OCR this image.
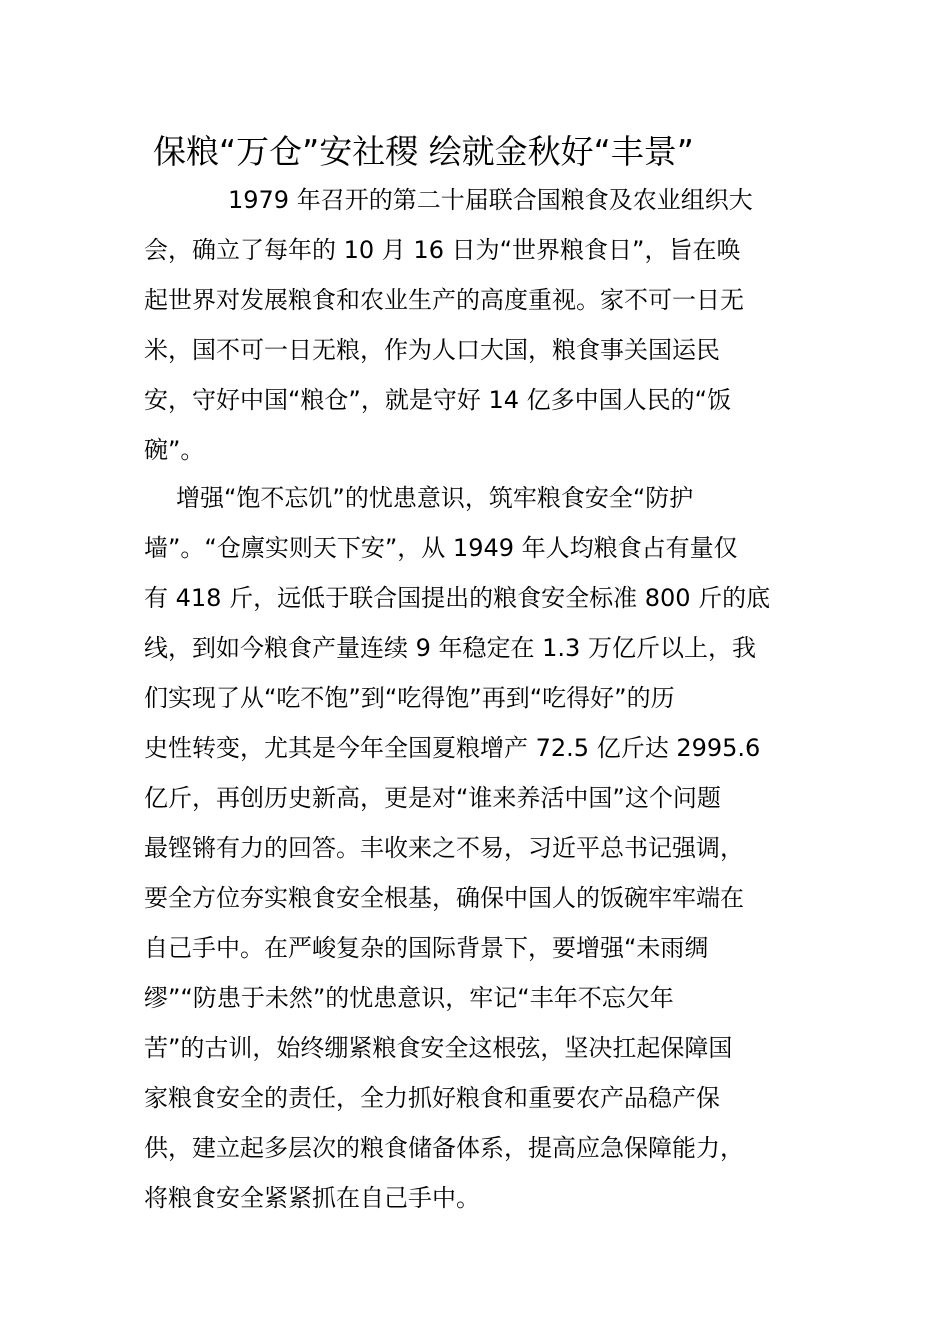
保粮“万仓”安社稷 绘就金秋好“丰景”
1979 年召开的第二十届联合国粮食及农业组织大
会，确立了每年的 10 月 16 日为“世界粮食日”，旨在唤
起世界对发展粮食和农业生产的高度重视。家不可一日无
米，国不可一日无粮，作为人口大国，粮食事关国运民
安，守好中国“粮仓”，就是守好 14 亿多中国人民的“饭
碗”。
增强“饱不忘饥”的忧患意识，筑牢粮食安全“防护
墙”。“仓廪实则天下安”，从 1949 年人均粮食占有量仅
有 418 斤，远低于联合国提出的粮食安全标准 800 斤的底
线，到如今粮食产量连续 9 年稳定在 1.3 万亿斤以上，我
们实现了从“吃不饱”到“吃得饱”再到“吃得好”的历
史性转变，尤其是今年全国夏粮增产 72.5 亿斤达 2995.6
亿斤，再创历史新高，更是对“谁来养活中国”这个问题
最铿锵有力的回答。丰收来之不易，习近平总书记强调，
要全方位夯实粮食安全根基，确保中国人的饭碗牢牢端在
自己手中。在严峻复杂的国际背景下，要增强“未雨绸
缪”“防患于未然”的忧患意识，牢记“丰年不忘欠年
苦”的古训，始终绷紧粮食安全这根弦，坚决扛起保障国
家粮食安全的责任，全力抓好粮食和重要农产品稳产保
供，建立起多层次的粮食储备体系，提高应急保障能力，
将粮食安全紧紧抓在自己手中。
